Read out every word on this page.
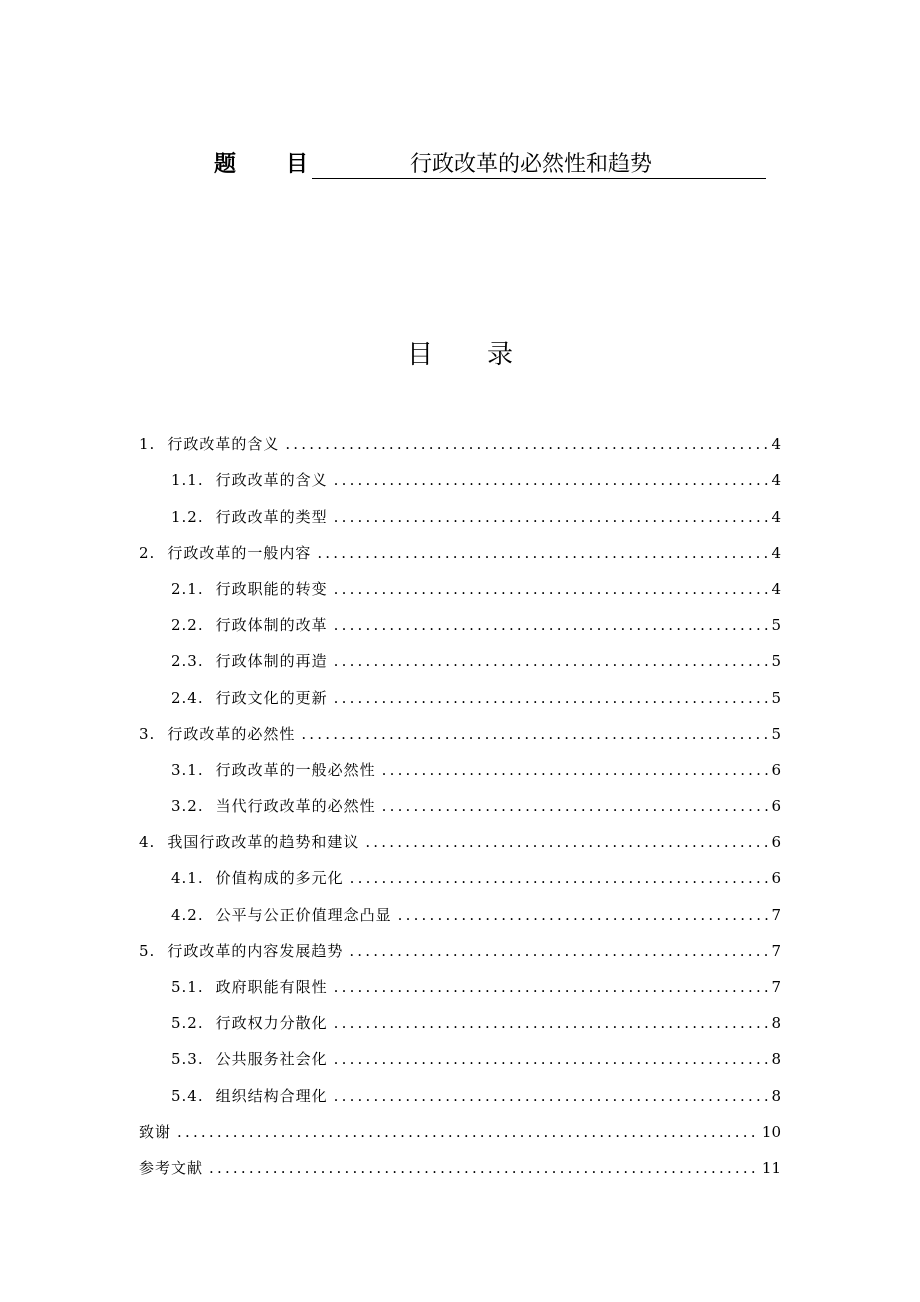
题目 行政改革的必然性和趋势
目录
1. 行政改革的含义 .....	4
1.1. 行政改革的含义 .....	4
1.2. 行政改革的类型 .....	4
2. 行政改革的一般内容 .....	4
2.1. 行政职能的转变 .....	4
2.2. 行政体制的改革 .....	5
2.3. 行政体制的再造 .....	5
2.4. 行政文化的更新 .....	5
3. 行政改革的必然性 .....	5
3.1. 行政改革的一般必然性 .....	6
3.2. 当代行政改革的必然性 .....	6
4. 我国行政改革的趋势和建议 .....	6
4.1. 价值构成的多元化 .....	6
4.2. 公平与公正价值理念凸显 .....	7
5. 行政改革的内容发展趋势 .....	7
5.1. 政府职能有限性 .....	7
5.2. 行政权力分散化 .....	8
5.3. 公共服务社会化 .....	8
5.4. 组织结构合理化 .....	8
致谢 .....	10
参考文献 .....	11
